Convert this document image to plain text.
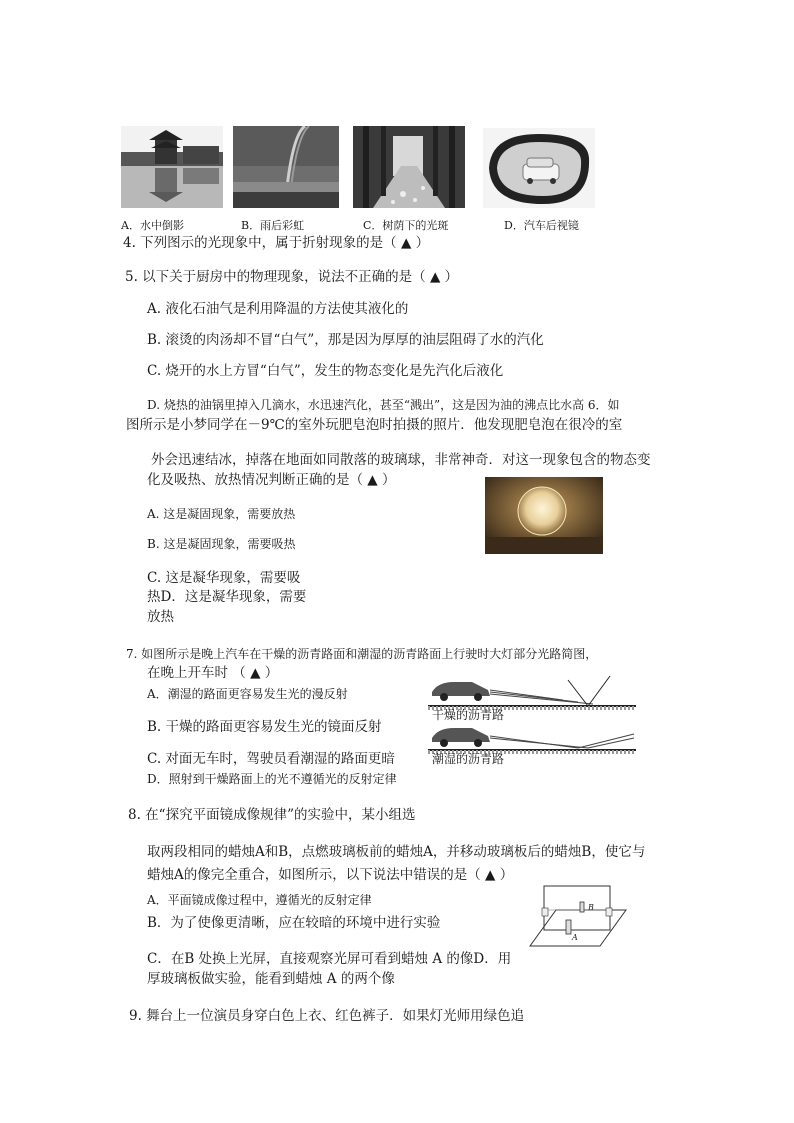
A．水中倒影	B．雨后彩虹	C．树荫下的光斑	D．汽车后视镜
4. 下列图示的光现象中，属于折射现象的是（ ▲ ）
5. 以下关于厨房中的物理现象，说法不正确的是（ ▲ ）
A. 液化石油气是利用降温的方法使其液化的
B. 滚烫的肉汤却不冒“白气”，那是因为厚厚的油层阻碍了水的汽化
C. 烧开的水上方冒“白气”，发生的物态变化是先汽化后液化
D. 烧热的油锅里掉入几滴水，水迅速汽化，甚至“溅出”，这是因为油的沸点比水高 6．如
图所示是小梦同学在－9℃的室外玩肥皂泡时拍摄的照片．他发现肥皂泡在很冷的室
外会迅速结冰，掉落在地面如同散落的玻璃球，非常神奇．对这一现象包含的物态变
化及吸热、放热情况判断正确的是（ ▲ ）
A. 这是凝固现象，需要放热
B. 这是凝固现象，需要吸热
C. 这是凝华现象，需要吸
热D．这是凝华现象，需要
放热
7. 如图所示是晚上汽车在干燥的沥青路面和潮湿的沥青路面上行驶时大灯部分光路简图，
在晚上开车时 （ ▲ ）
A．潮湿的路面更容易发生光的漫反射
B. 干燥的路面更容易发生光的镜面反射
C. 对面无车时，驾驶员看潮湿的路面更暗
D．照射到干燥路面上的光不遵循光的反射定律
干燥的沥青路
潮湿的沥青路
8. 在“探究平面镜成像规律”的实验中，某小组选
取两段相同的蜡烛A和B，点燃玻璃板前的蜡烛A，并移动玻璃板后的蜡烛B，使它与
蜡烛A的像完全重合，如图所示，以下说法中错误的是（ ▲ ）
A．平面镜成像过程中，遵循光的反射定律
B．为了使像更清晰，应在较暗的环境中进行实验
C．在B 处换上光屏，直接观察光屏可看到蜡烛 A 的像D．用
厚玻璃板做实验，能看到蜡烛 A 的两个像
B
A
9. 舞台上一位演员身穿白色上衣、红色裤子．如果灯光师用绿色追
